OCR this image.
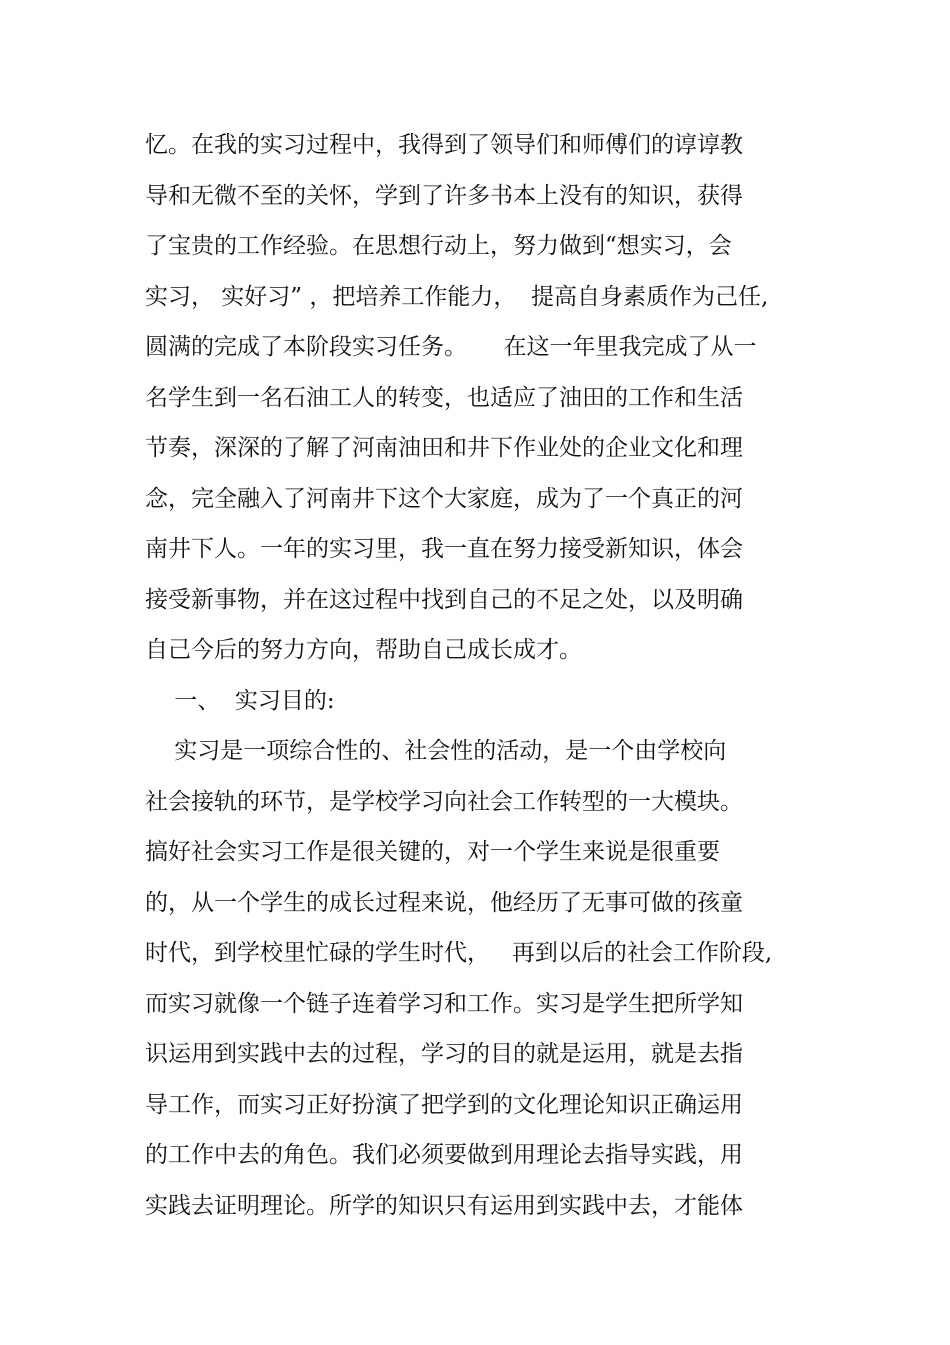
忆。在我的实习过程中，我得到了领导们和师傅们的谆谆教
导和无微不至的关怀，学到了许多书本上没有的知识，获得
了宝贵的工作经验。在思想行动上，努力做到“想实习，会
实习， 实好习” ，把培养工作能力，  提高自身素质作为己任,
圆满的完成了本阶段实习任务。     在这一年里我完成了从一
名学生到一名石油工人的转变，也适应了油田的工作和生活
节奏，深深的了解了河南油田和井下作业处的企业文化和理
念，完全融入了河南井下这个大家庭，成为了一个真正的河
南井下人。一年的实习里，我一直在努力接受新知识，体会
接受新事物，并在这过程中找到自己的不足之处，以及明确
自己今后的努力方向，帮助自己成长成才。
一、  实习目的:
实习是一项综合性的、社会性的活动，是一个由学校向
社会接轨的环节，是学校学习向社会工作转型的一大模块。
搞好社会实习工作是很关键的，对一个学生来说是很重要
的，从一个学生的成长过程来说，他经历了无事可做的孩童
时代，到学校里忙碌的学生时代，   再到以后的社会工作阶段,
而实习就像一个链子连着学习和工作。实习是学生把所学知
识运用到实践中去的过程，学习的目的就是运用，就是去指
导工作，而实习正好扮演了把学到的文化理论知识正确运用
的工作中去的角色。我们必须要做到用理论去指导实践，用
实践去证明理论。所学的知识只有运用到实践中去，才能体
